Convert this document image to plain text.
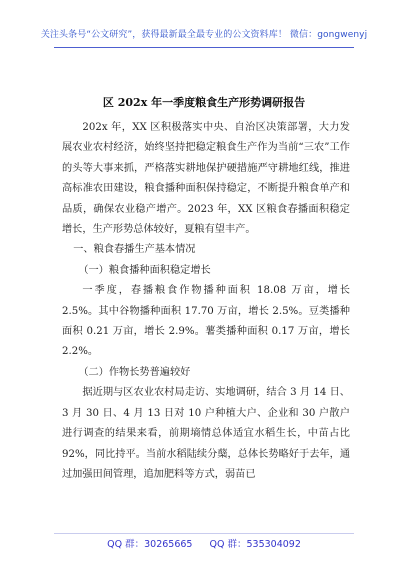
关注头条号“公文研究”，获得最新最全最专业的公文资料库！ 微信：gongwenyj
区 202x 年一季度粮食生产形势调研报告

202x 年，XX 区积极落实中央、自治区决策部署，大力发展农业农村经济，始终坚持把稳定粮食生产作为当前“三农”工作的头等大事来抓，严格落实耕地保护硬措施严守耕地红线，推进高标准农田建设，粮食播种面积保持稳定，不断提升粮食单产和品质，确保农业稳产增产。2023 年，XX 区粮食春播面积稳定增长，生产形势总体较好，夏粮有望丰产。

一、粮食春播生产基本情况

（一）粮食播种面积稳定增长

一季度，春播粮食作物播种面积 18.08 万亩，增长 2.5%。其中谷物播种面积 17.70 万亩，增长 2.5%。豆类播种面积 0.21 万亩，增长 2.9%。薯类播种面积 0.17 万亩，增长 2.2%。

（二）作物长势普遍较好

据近期与区农业农村局走访、实地调研，结合 3 月 14 日、3 月 30 日、4 月 13 日对 10 户种植大户、企业和 30 户散户进行调查的结果来看，前期墒情总体适宜水稻生长，中苗占比 92%，同比持平。当前水稻陆续分蘖，总体长势略好于去年，通过加强田间管理，追加肥料等方式，弱苗已

QQ 群：30265665 QQ 群：535304092
